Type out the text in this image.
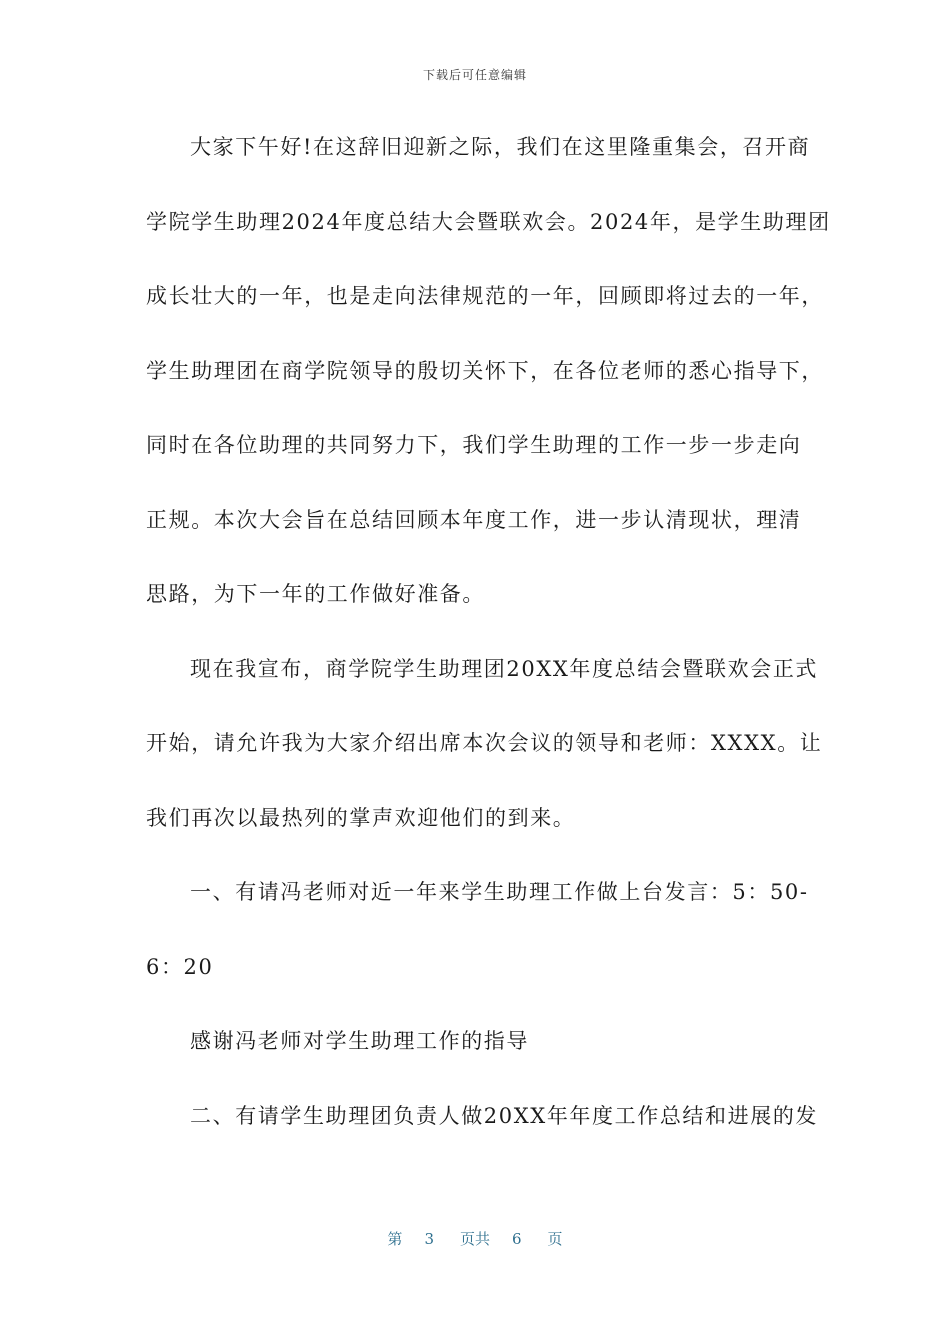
下载后可任意编辑
大家下午好!在这辞旧迎新之际，我们在这里隆重集会，召开商
学院学生助理2024年度总结大会暨联欢会。2024年，是学生助理团
成长壮大的一年，也是走向法律规范的一年，回顾即将过去的一年，
学生助理团在商学院领导的殷切关怀下，在各位老师的悉心指导下，
同时在各位助理的共同努力下，我们学生助理的工作一步一步走向
正规。本次大会旨在总结回顾本年度工作，进一步认清现状，理清
思路，为下一年的工作做好准备。
现在我宣布，商学院学生助理团20XX年度总结会暨联欢会正式
开始，请允许我为大家介绍出席本次会议的领导和老师：XXXX。让
我们再次以最热列的掌声欢迎他们的到来。
一、有请冯老师对近一年来学生助理工作做上台发言：5：50-
6：20
感谢冯老师对学生助理工作的指导
二、有请学生助理团负责人做20XX年年度工作总结和进展的发
第 3 页共 6 页
